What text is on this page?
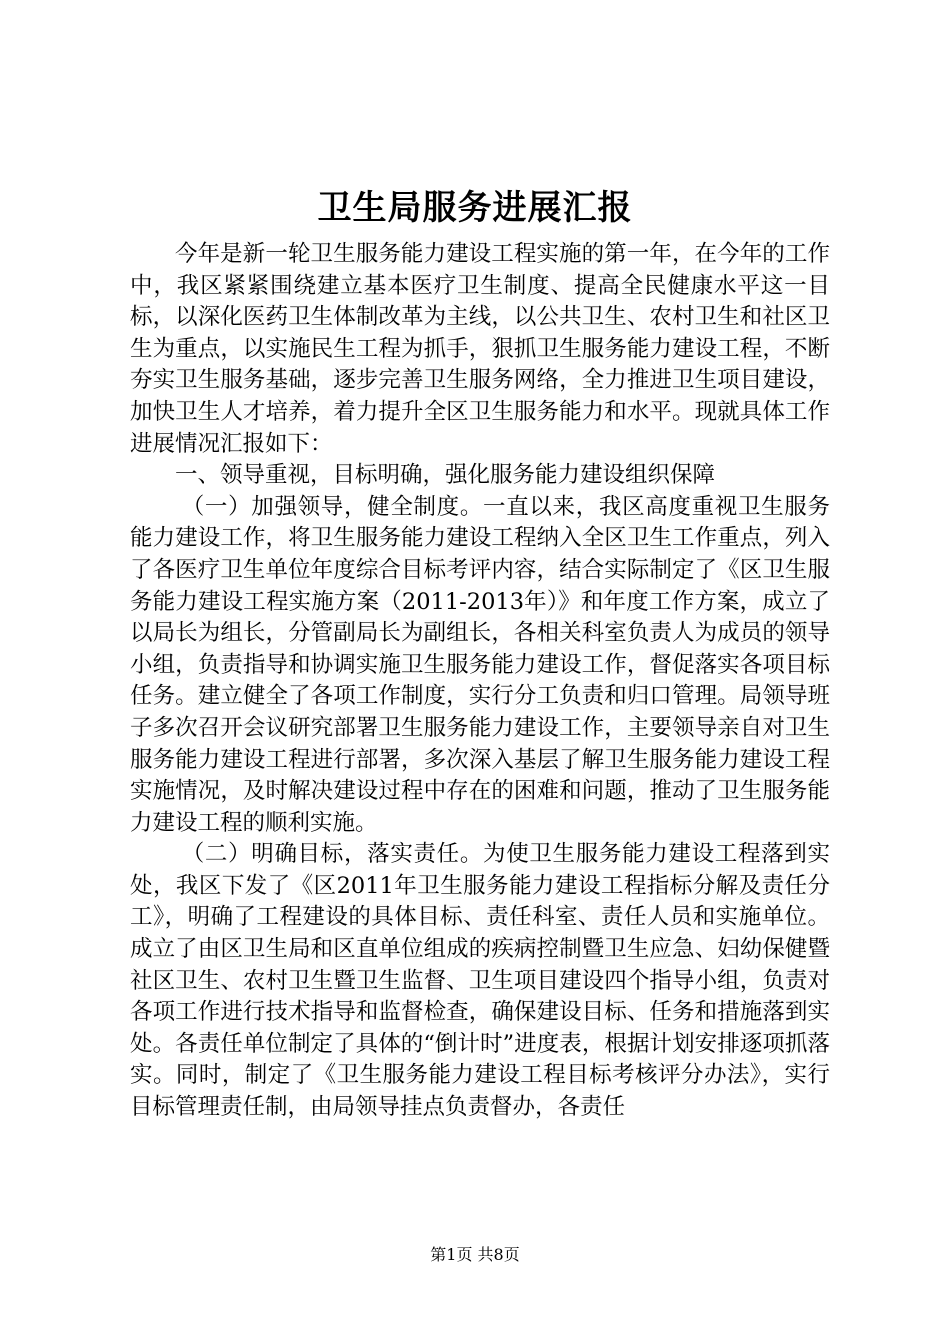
卫生局服务进展汇报

今年是新一轮卫生服务能力建设工程实施的第一年，在今年的工作中，我区紧紧围绕建立基本医疗卫生制度、提高全民健康水平这一目标，以深化医药卫生体制改革为主线，以公共卫生、农村卫生和社区卫生为重点，以实施民生工程为抓手，狠抓卫生服务能力建设工程，不断夯实卫生服务基础，逐步完善卫生服务网络，全力推进卫生项目建设，加快卫生人才培养，着力提升全区卫生服务能力和水平。现就具体工作进展情况汇报如下：

一、领导重视，目标明确，强化服务能力建设组织保障

（一）加强领导，健全制度。一直以来，我区高度重视卫生服务能力建设工作，将卫生服务能力建设工程纳入全区卫生工作重点，列入了各医疗卫生单位年度综合目标考评内容，结合实际制定了《区卫生服务能力建设工程实施方案（2011-2013年）》和年度工作方案，成立了以局长为组长，分管副局长为副组长，各相关科室负责人为成员的领导小组，负责指导和协调实施卫生服务能力建设工作，督促落实各项目标任务。建立健全了各项工作制度，实行分工负责和归口管理。局领导班子多次召开会议研究部署卫生服务能力建设工作，主要领导亲自对卫生服务能力建设工程进行部署，多次深入基层了解卫生服务能力建设工程实施情况，及时解决建设过程中存在的困难和问题，推动了卫生服务能力建设工程的顺利实施。

（二）明确目标，落实责任。为使卫生服务能力建设工程落到实处，我区下发了《区2011年卫生服务能力建设工程指标分解及责任分工》，明确了工程建设的具体目标、责任科室、责任人员和实施单位。成立了由区卫生局和区直单位组成的疾病控制暨卫生应急、妇幼保健暨社区卫生、农村卫生暨卫生监督、卫生项目建设四个指导小组，负责对各项工作进行技术指导和监督检查，确保建设目标、任务和措施落到实处。各责任单位制定了具体的“倒计时”进度表，根据计划安排逐项抓落实。同时，制定了《卫生服务能力建设工程目标考核评分办法》，实行目标管理责任制，由局领导挂点负责督办，各责任

第1页 共8页
